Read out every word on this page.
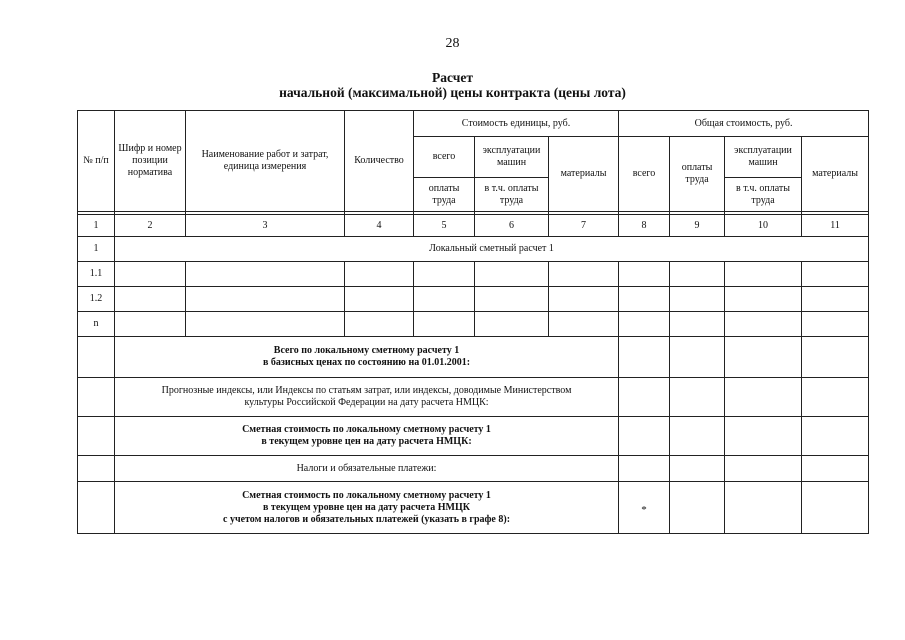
28
Расчет
начальной (максимальной) цены контракта (цены лота)
№ п/п	Шифр и номер позиции норматива	Наименование работ и затрат, единица измерения	Количество	Стоимость единицы, руб.			Общая стоимость, руб.			
				всего	эксплуатации машин	материалы	всего	оплаты труда	эксплуатации машин	материалы
				оплаты труда	в т.ч. оплаты труда				в т.ч. оплаты труда	

1	2	3	4	5	6	7	8	9	10	11
1	Локальный сметный расчет 1									
1.1										
1.2										
n										

	Всего по локальному сметному расчету 1
в базисных ценах по состоянию на 01.01.2001:									

	Прогнозные индексы, или Индексы по статьям затрат, или индексы, доводимые Министерством
культуры Российской Федерации на дату расчета НМЦК:									

	Сметная стоимость по локальному сметному расчету 1
в текущем уровне цен на дату расчета НМЦК:									

	Налоги и обязательные платежи:									

	Сметная стоимость по локальному сметному расчету 1
в текущем уровне цен на дату расчета НМЦК
с учетом налогов и обязательных платежей (указать в графе 8):						*			
